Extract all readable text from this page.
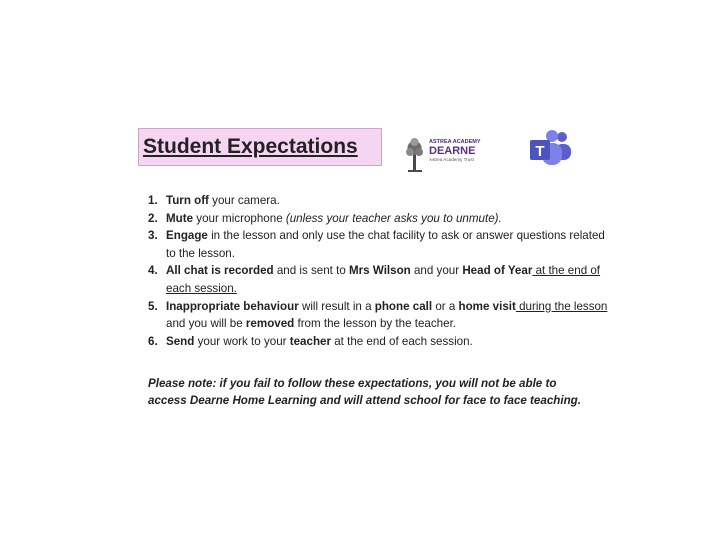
Student Expectations	ASTREA ACADEMY
DEARNE
Astrea Academy Trust	T
1. Turn off your camera.
2. Mute your microphone (unless your teacher asks you to unmute).
3. Engage in the lesson and only use the chat facility to ask or answer questions related to the lesson.
4. All chat is recorded and is sent to Mrs Wilson and your Head of Year at the end of each session.
5. Inappropriate behaviour will result in a phone call or a home visit during the lesson and you will be removed from the lesson by the teacher.
6. Send your work to your teacher at the end of each session.
Please note: if you fail to follow these expectations, you will not be able to access Dearne Home Learning and will attend school for face to face teaching.
